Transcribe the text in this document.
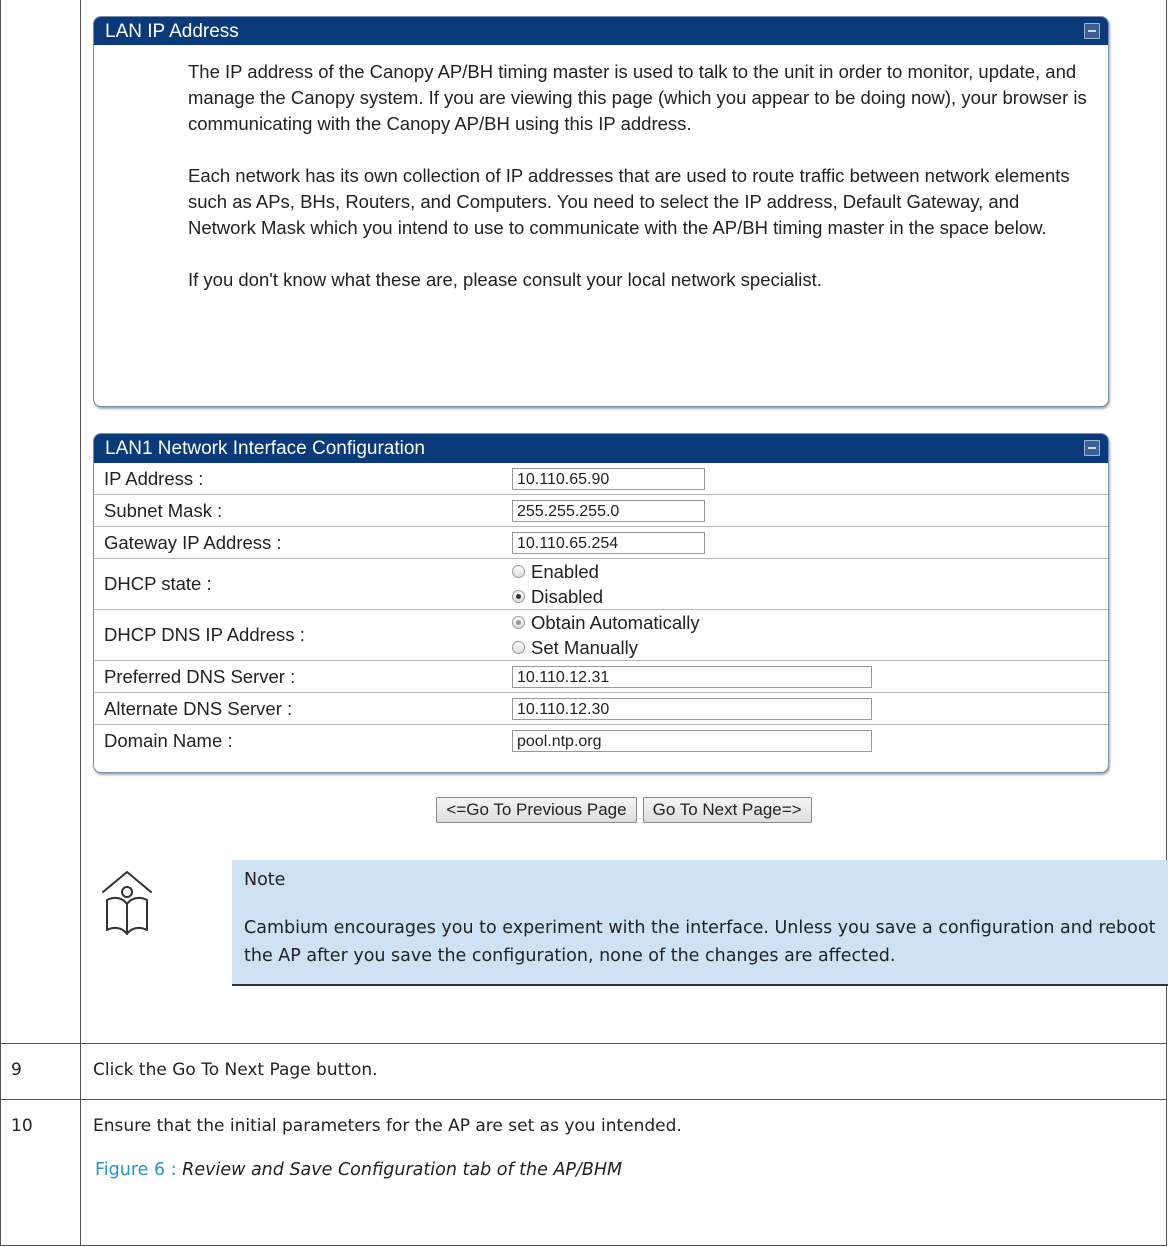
LAN IP Address

The IP address of the Canopy AP/BH timing master is used to talk to the unit in order to monitor, update, and manage the Canopy system. If you are viewing this page (which you appear to be doing now), your browser is communicating with the Canopy AP/BH using this IP address.

Each network has its own collection of IP addresses that are used to route traffic between network elements such as APs, BHs, Routers, and Computers. You need to select the IP address, Default Gateway, and Network Mask which you intend to use to communicate with the AP/BH timing master in the space below.

If you don't know what these are, please consult your local network specialist.

LAN1 Network Interface Configuration
IP Address :	10.110.65.90
Subnet Mask :	255.255.255.0
Gateway IP Address :	10.110.65.254
DHCP state :	
Enabled
Disabled

DHCP DNS IP Address :	
Obtain Automatically
Set Manually

Preferred DNS Server :	10.110.12.31
Alternate DNS Server :	10.110.12.30
Domain Name :	pool.ntp.org
<=Go To Previous Page Go To Next Page=>
Note
Cambium encourages you to experiment with the interface. Unless you save a configuration and reboot the AP after you save the configuration, none of the changes are affected.

9	Click the Go To Next Page button.
10	Ensure that the initial parameters for the AP are set as you intended.
Figure 6 : Review and Save Configuration tab of the AP/BHM
